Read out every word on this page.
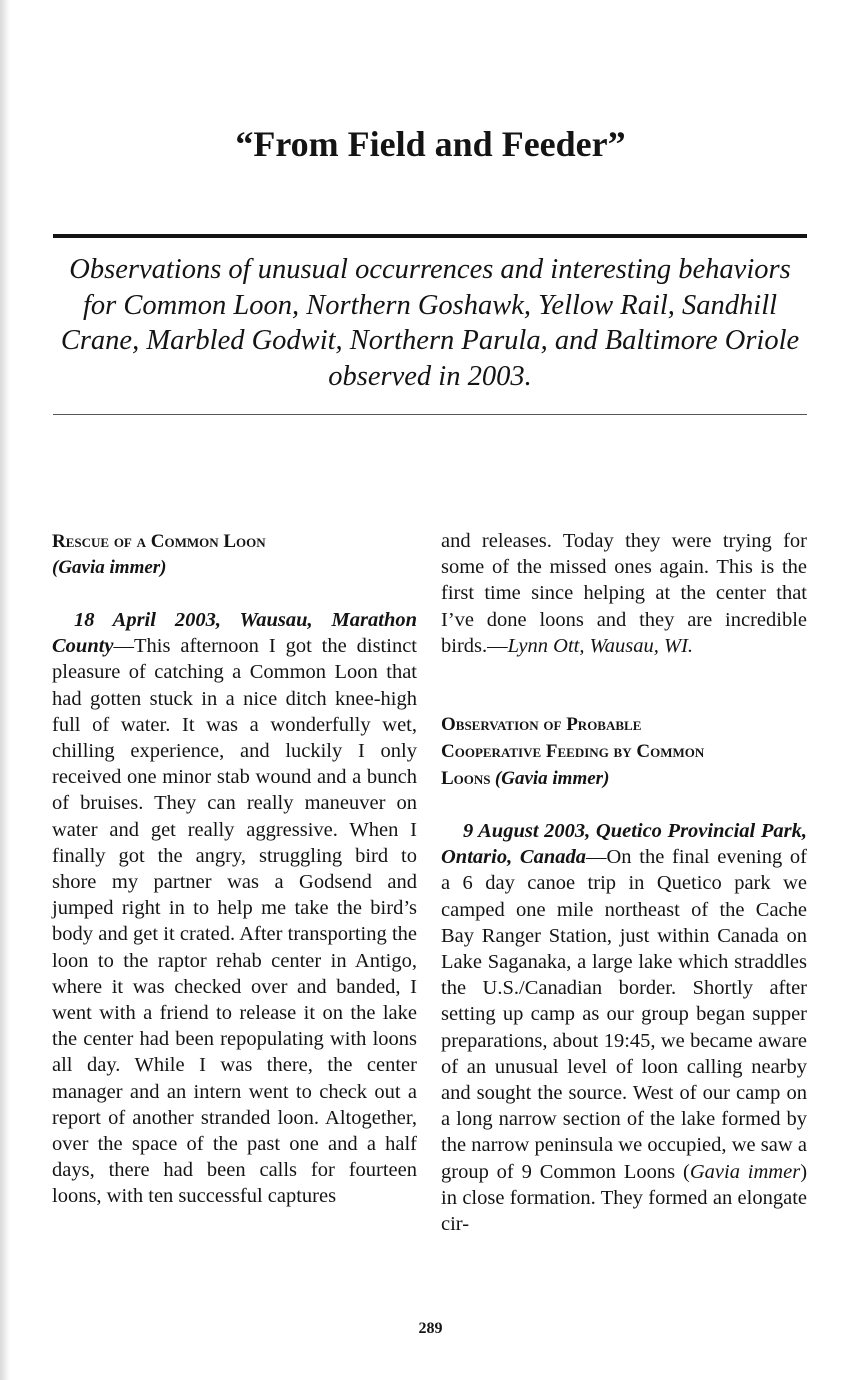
“From Field and Feeder”
Observations of unusual occurrences and interesting behaviors for Common Loon, Northern Goshawk, Yellow Rail, Sandhill Crane, Marbled Godwit, Northern Parula, and Baltimore Oriole observed in 2003.

Rescue of a Common Loon

(Gavia immer)

18 April 2003, Wausau, Marathon County—This afternoon I got the distinct pleasure of catching a Common Loon that had gotten stuck in a nice ditch knee-high full of water. It was a wonderfully wet, chilling experience, and luckily I only received one minor stab wound and a bunch of bruises. They can really maneuver on water and get really aggressive. When I finally got the angry, struggling bird to shore my partner was a Godsend and jumped right in to help me take the bird’s body and get it crated. After transporting the loon to the raptor rehab center in Antigo, where it was checked over and banded, I went with a friend to release it on the lake the center had been repopulating with loons all day. While I was there, the center manager and an intern went to check out a report of another stranded loon. Altogether, over the space of the past one and a half days, there had been calls for fourteen loons, with ten successful captures

and releases. Today they were trying for some of the missed ones again. This is the first time since helping at the center that I’ve done loons and they are incredible birds.—Lynn Ott, Wausau, WI.

Observation of Probable
Cooperative Feeding by Common
Loons (Gavia immer)

9 August 2003, Quetico Provincial Park, Ontario, Canada—On the final evening of a 6 day canoe trip in Quetico park we camped one mile northeast of the Cache Bay Ranger Station, just within Canada on Lake Saganaka, a large lake which straddles the U.S./Canadian border. Shortly after setting up camp as our group began supper preparations, about 19:45, we became aware of an unusual level of loon calling nearby and sought the source. West of our camp on a long narrow section of the lake formed by the narrow peninsula we occupied, we saw a group of 9 Common Loons (Gavia immer) in close formation. They formed an elongate cir-

289
